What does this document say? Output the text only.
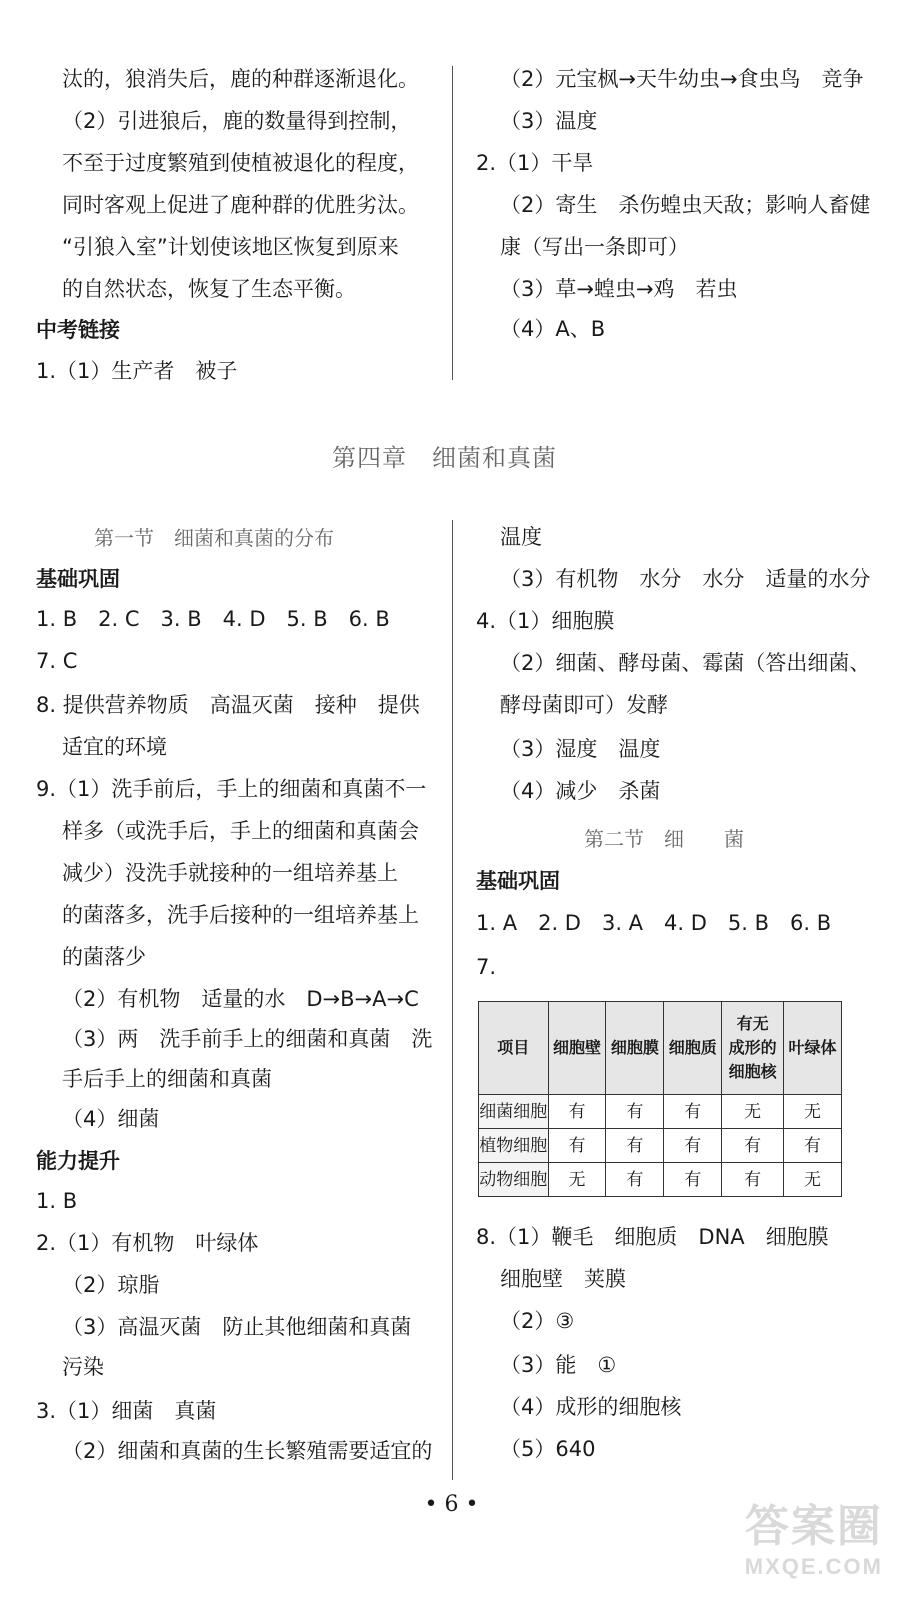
汰的，狼消失后，鹿的种群逐渐退化。
（2）引进狼后，鹿的数量得到控制，
不至于过度繁殖到使植被退化的程度，
同时客观上促进了鹿种群的优胜劣汰。
“引狼入室”计划使该地区恢复到原来
的自然状态，恢复了生态平衡。
中考链接
1.（1）生产者　被子
（2）元宝枫→天牛幼虫→食虫鸟　竞争
（3）温度
2.（1）干旱
（2）寄生　杀伤蝗虫天敌；影响人畜健
康（写出一条即可）
（3）草→蝗虫→鸡　若虫
（4）A、B
第四章　细菌和真菌
第一节　细菌和真菌的分布
基础巩固
1. B　2. C　3. B　4. D　5. B　6. B
7. C
8. 提供营养物质　高温灭菌　接种　提供
适宜的环境
9.（1）洗手前后，手上的细菌和真菌不一
样多（或洗手后，手上的细菌和真菌会
减少）没洗手就接种的一组培养基上
的菌落多，洗手后接种的一组培养基上
的菌落少
（2）有机物　适量的水　D→B→A→C
（3）两　洗手前手上的细菌和真菌　洗
手后手上的细菌和真菌
（4）细菌
能力提升
1. B
2.（1）有机物　叶绿体
（2）琼脂
（3）高温灭菌　防止其他细菌和真菌
污染
3.（1）细菌　真菌
（2）细菌和真菌的生长繁殖需要适宜的
温度
（3）有机物　水分　水分　适量的水分
4.（1）细胞膜
（2）细菌、酵母菌、霉菌（答出细菌、
酵母菌即可）发酵
（3）湿度　温度
（4）减少　杀菌
第二节　细　　菌
基础巩固
1. A　2. D　3. A　4. D　5. B　6. B
7.
项目	细胞壁	细胞膜	细胞质	有无
成形的
细胞核	叶绿体
细菌细胞	有	有	有	无	无
植物细胞	有	有	有	有	有
动物细胞	无	有	有	有	无
8.（1）鞭毛　细胞质　DNA　细胞膜
细胞壁　荚膜
（2）③
（3）能　①
（4）成形的细胞核
（5）640
• 6 •	答案圈
MXQE.COM
